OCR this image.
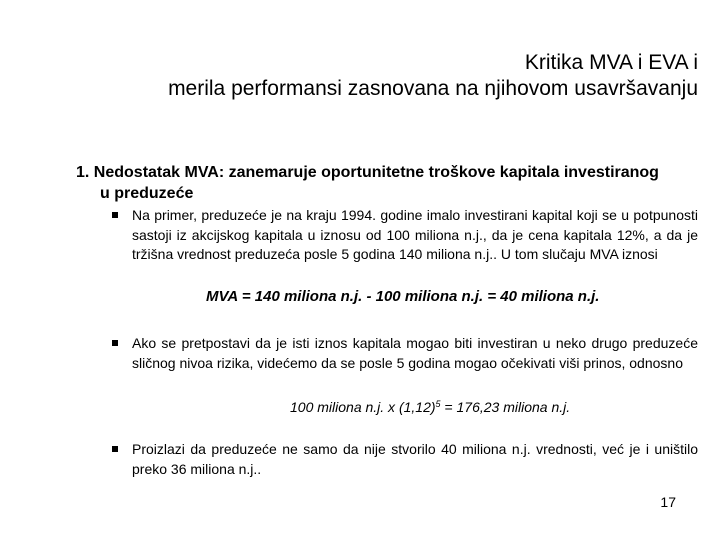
Kritika MVA i EVA i
merila performansi zasnovana na njihovom usavršavanju
1. Nedostatak MVA: zanemaruje oportunitetne troškove kapitala investiranog
u preduzeće
Na primer, preduzeće je na kraju 1994. godine imalo investirani kapital koji se u potpunosti sastoji iz akcijskog kapitala u iznosu od 100 miliona n.j., da je cena kapitala 12%, a da je tržišna vrednost preduzeća posle 5 godina 140 miliona n.j.. U tom slučaju MVA iznosi
MVA = 140 miliona n.j. - 100 miliona n.j. = 40 miliona n.j.
Ako se pretpostavi da je isti iznos kapitala mogao biti investiran u neko drugo preduzeće sličnog nivoa rizika, videćemo da se posle 5 godina mogao očekivati viši prinos, odnosno
100 miliona n.j. x $(1,12)^5 = 176,23$ miliona n.j.
Proizlazi da preduzeće ne samo da nije stvorilo 40 miliona n.j. vrednosti, već je i uništilo preko 36 miliona n.j..
17
